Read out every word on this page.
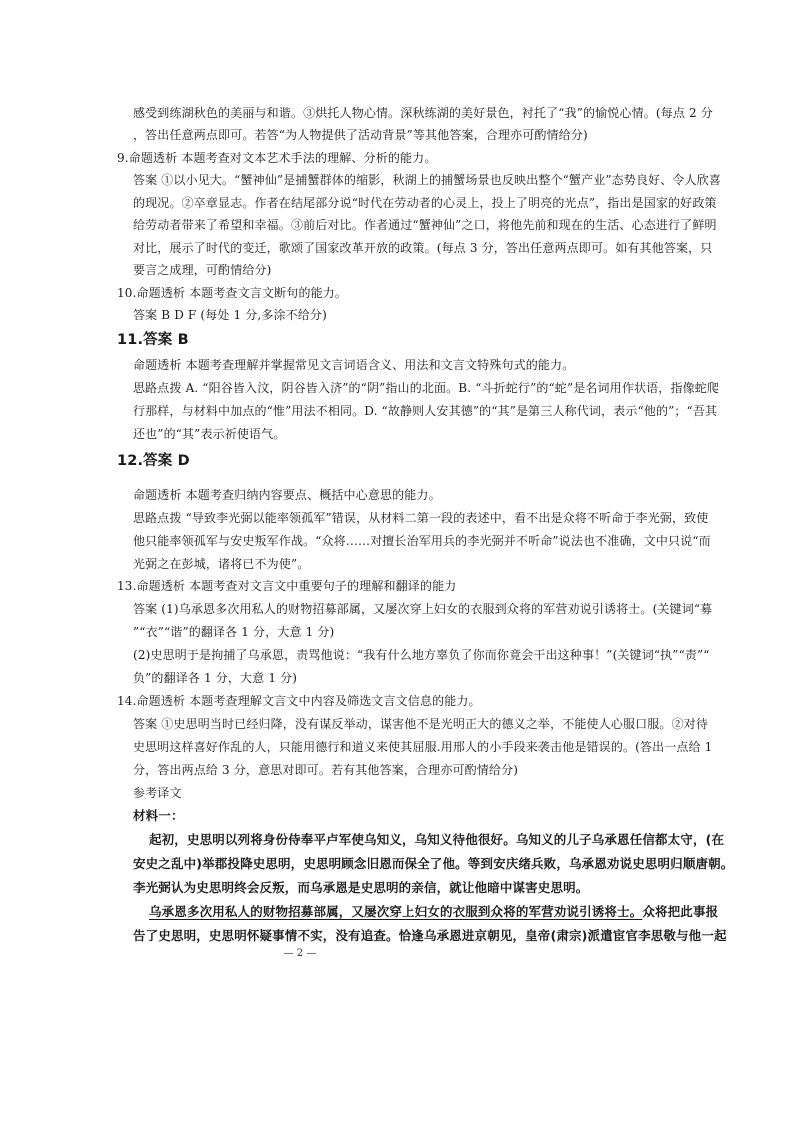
感受到练湖秋色的美丽与和谐。③烘托人物心情。深秋练湖的美好景色，衬托了“我”的愉悦心情。(每点 2 分
，答出任意两点即可。若答“为人物提供了活动背景”等其他答案，合理亦可酌情给分)
9.命题透析 本题考查对文本艺术手法的理解、分析的能力。
答案 ①以小见大。“蟹神仙”是捕蟹群体的缩影，秋湖上的捕蟹场景也反映出整个“蟹产业”态势良好、令人欣喜
的现况。②卒章显志。作者在结尾部分说“时代在劳动者的心灵上，投上了明亮的光点”，指出是国家的好政策
给劳动者带来了希望和幸福。③前后对比。作者通过“蟹神仙”之口，将他先前和现在的生活、心态进行了鲜明
对比，展示了时代的变迁，歌颂了国家改革开放的政策。(每点 3 分，答出任意两点即可。如有其他答案，只
要言之成理，可酌情给分)
10.命题透析 本题考查文言文断句的能力。
答案 B D F (每处 1 分,多涂不给分)
11.答案 B
命题透析 本题考查理解并掌握常见文言词语含义、用法和文言文特殊句式的能力。
思路点拨 A. “阳谷皆入汶，阴谷皆入济”的“阴”指山的北面。B. “斗折蛇行”的“蛇”是名词用作状语，指像蛇爬
行那样，与材料中加点的“惟”用法不相同。D. “故静则人安其德”的“其”是第三人称代词，表示“他的”；“吾其
还也”的“其”表示祈使语气。
12.答案 D
命题透析 本题考查归纳内容要点、概括中心意思的能力。
思路点拨 “导致李光弼以能率领孤军”错误，从材料二第一段的表述中，看不出是众将不听命于李光弼，致使
他只能率领孤军与安史叛军作战。“众将……对擅长治军用兵的李光弼并不听命”说法也不准确，文中只说“而
光弼之在彭城，诸将已不为使”。
13.命题透析 本题考查对文言文中重要句子的理解和翻译的能力
答案 (1)乌承恩多次用私人的财物招募部属，又屡次穿上妇女的衣服到众将的军营劝说引诱将士。(关键词“募
”“衣”“谐”的翻译各 1 分，大意 1 分)
(2)史思明于是拘捕了乌承恩，责骂他说：“我有什么地方辜负了你而你竟会干出这种事！”(关键词“执”“责”“
负”的翻译各 1 分，大意 1 分)
14.命题透析 本题考查理解文言文中内容及筛选文言文信息的能力。
答案 ①史思明当时已经归降，没有谋反举动，谋害他不是光明正大的德义之举，不能使人心服口服。②对待
史思明这样喜好作乱的人，只能用德行和道义来使其屈服.用邢人的小手段来袭击他是错误的。(答出一点给 1
分，答出两点给 3 分，意思对即可。若有其他答案，合理亦可酌情给分)
参考译文
材料一：
起初，史思明以列将身份侍奉平卢军使乌知义，乌知义待他很好。乌知义的儿子乌承恩任信都太守，(在
安史之乱中)举郡投降史思明，史思明顾念旧恩而保全了他。等到安庆绪兵败，乌承恩劝说史思明归顺唐朝。
李光弼认为史思明终会反叛，而乌承恩是史思明的亲信，就让他暗中谋害史思明。
乌承恩多次用私人的财物招募部属，又屡次穿上妇女的衣服到众将的军营劝说引诱将士。众将把此事报
告了史思明，史思明怀疑事情不实，没有追查。恰逢乌承恩进京朝见，皇帝(肃宗)派遣宦官李思敬与他一起
— 2 —
